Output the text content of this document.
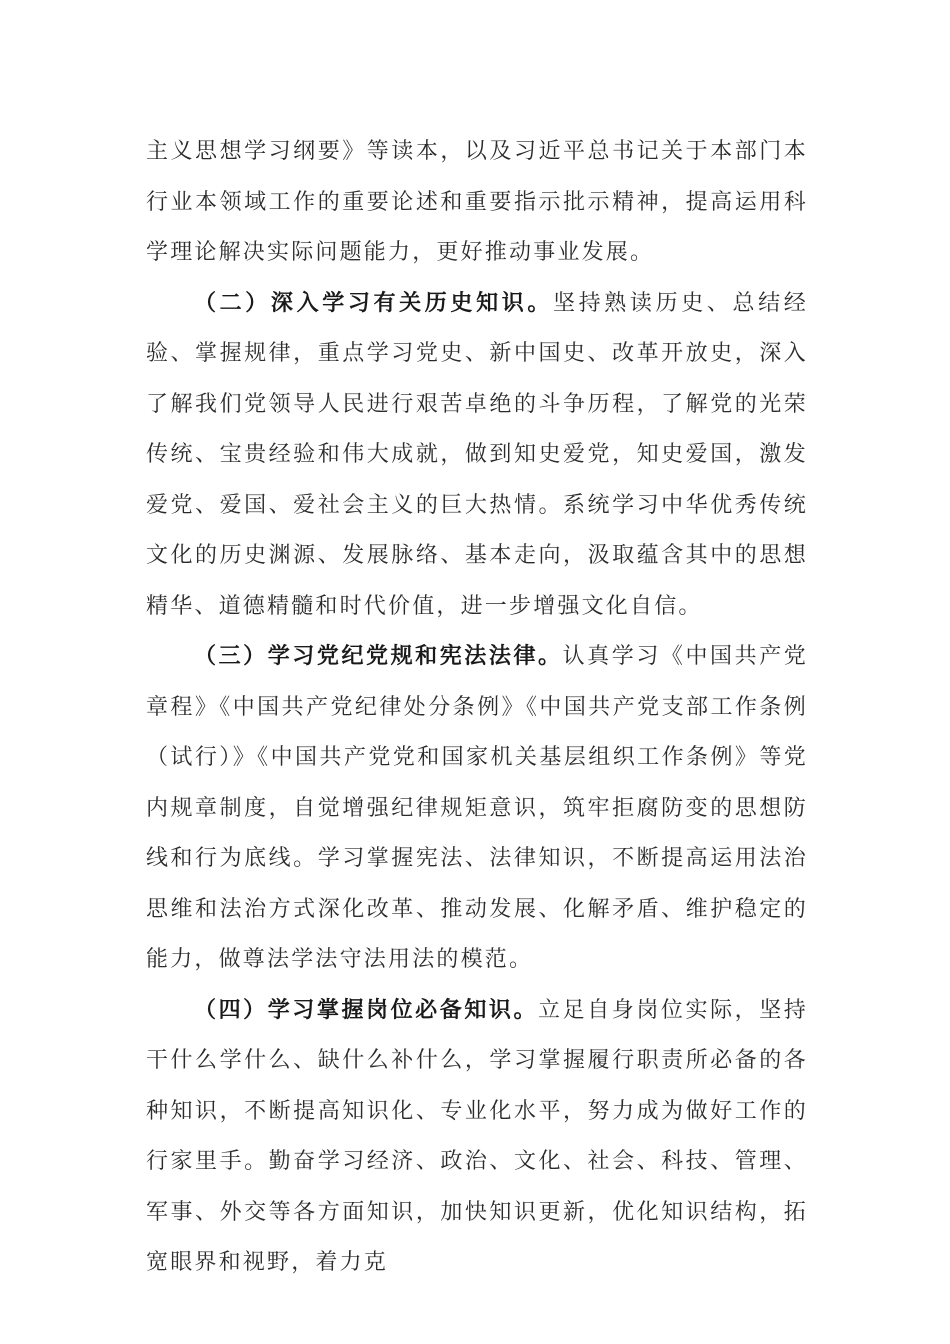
主义思想学习纲要》等读本，以及习近平总书记关于本部门本行业本领域工作的重要论述和重要指示批示精神，提高运用科学理论解决实际问题能力，更好推动事业发展。

（二）深入学习有关历史知识。坚持熟读历史、总结经验、掌握规律，重点学习党史、新中国史、改革开放史，深入了解我们党领导人民进行艰苦卓绝的斗争历程，了解党的光荣传统、宝贵经验和伟大成就，做到知史爱党，知史爱国，激发爱党、爱国、爱社会主义的巨大热情。系统学习中华优秀传统文化的历史渊源、发展脉络、基本走向，汲取蕴含其中的思想精华、道德精髓和时代价值，进一步增强文化自信。

（三）学习党纪党规和宪法法律。认真学习《中国共产党章程》《中国共产党纪律处分条例》《中国共产党支部工作条例（试行）》《中国共产党党和国家机关基层组织工作条例》等党内规章制度，自觉增强纪律规矩意识，筑牢拒腐防变的思想防线和行为底线。学习掌握宪法、法律知识，不断提高运用法治思维和法治方式深化改革、推动发展、化解矛盾、维护稳定的能力，做尊法学法守法用法的模范。

（四）学习掌握岗位必备知识。立足自身岗位实际，坚持干什么学什么、缺什么补什么，学习掌握履行职责所必备的各种知识，不断提高知识化、专业化水平，努力成为做好工作的行家里手。勤奋学习经济、政治、文化、社会、科技、管理、军事、外交等各方面知识，加快知识更新，优化知识结构，拓宽眼界和视野，着力克
